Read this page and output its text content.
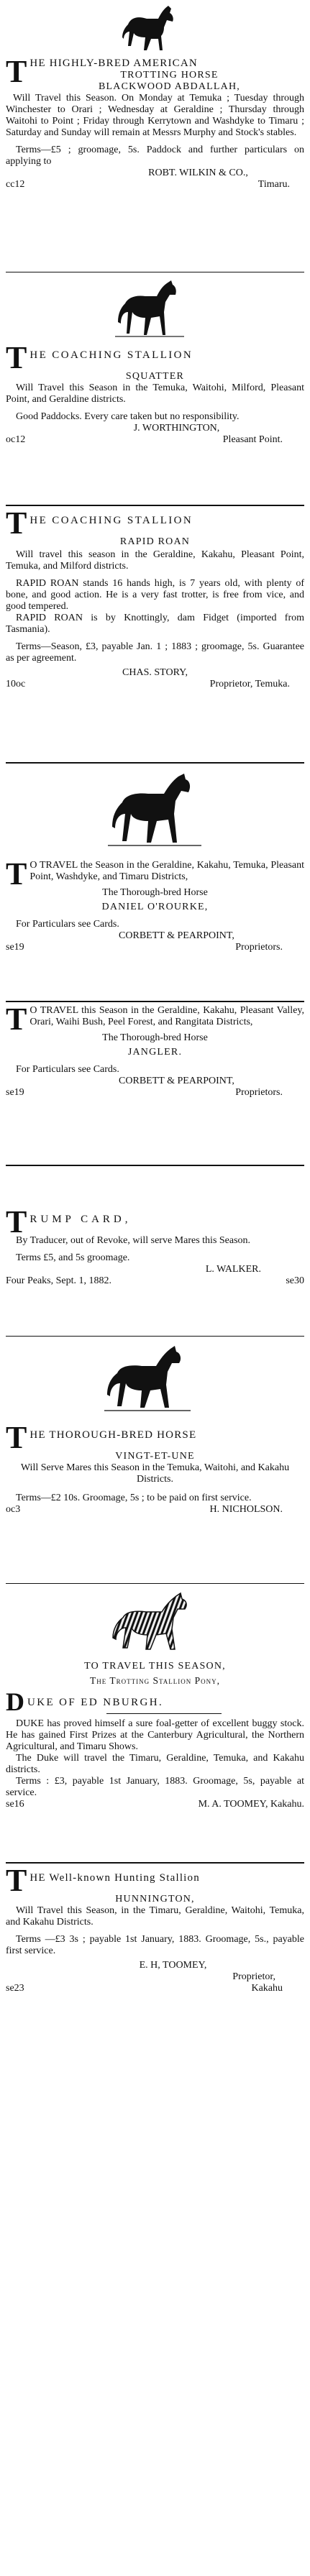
T HE HIGHLY-BRED AMERICAN

TROTTING HORSE

BLACKWOOD ABDALLAH,

Will Travel this Season. On Monday at Temuka ; Tuesday through Winchester to Orari ; Wednesday at Geraldine ; Thursday through Waitohi to Point ; Friday through Kerrytown and Washdyke to Timaru ; Saturday and Sunday will remain at Messrs Murphy and Stock's stables.

Terms—£5 ; groomage, 5s. Paddock and further particulars on applying to

ROBT. WILKIN & CO.,

cc12	Timaru.
T HE COACHING STALLION

SQUATTER

Will Travel this Season in the Temuka, Waitohi, Milford, Pleasant Point, and Geraldine districts.

Good Paddocks. Every care taken but no responsibility.

J. WORTHINGTON,

oc12	Pleasant Point.
T HE COACHING STALLION

RAPID ROAN

Will travel this season in the Geraldine, Kakahu, Pleasant Point, Temuka, and Milford districts.

RAPID ROAN stands 16 hands high, is 7 years old, with plenty of bone, and good action. He is a very fast trotter, is free from vice, and good tempered.

RAPID ROAN is by Knottingly, dam Fidget (imported from Tasmania).

Terms—Season, £3, payable Jan. 1 ; 1883 ; groomage, 5s. Guarantee as per agreement.

CHAS. STORY,

10oc	Proprietor, Temuka.
T O TRAVEL the Season in the Geraldine, Kakahu, Temuka, Pleasant Point, Washdyke, and Timaru Districts,

The Thorough-bred Horse

DANIEL O'ROURKE,

For Particulars see Cards.

CORBETT & PEARPOINT,

se19	Proprietors.
T O TRAVEL this Season in the Geraldine, Kakahu, Pleasant Valley, Orari, Waihi Bush, Peel Forest, and Rangitata Districts,

The Thorough-bred Horse

JANGLER.

For Particulars see Cards.

CORBETT & PEARPOINT,

se19	Proprietors.
T RUMP CARD,

By Traducer, out of Revoke, will serve Mares this Season.

Terms £5, and 5s groomage.

L. WALKER.

Four Peaks, Sept. 1, 1882.	se30
T HE THOROUGH-BRED HORSE

VINGT-ET-UNE

Will Serve Mares this Season in the Temuka, Waitohi, and Kakahu Districts.

Terms—£2 10s. Groomage, 5s ; to be paid on first service.

oc3	H. NICHOLSON.

TO TRAVEL THIS SEASON,

The Trotting Stallion Pony,

D UKE OF ED NBURGH.

DUKE has proved himself a sure foal-getter of excellent buggy stock. He has gained First Prizes at the Canterbury Agricultural, the Northern Agricultural, and Timaru Shows.

The Duke will travel the Timaru, Geraldine, Temuka, and Kakahu districts.

Terms : £3, payable 1st January, 1883. Groomage, 5s, payable at service.

se16	M. A. TOOMEY, Kakahu.
T HE Well-known Hunting Stallion

HUNNINGTON,

Will Travel this Season, in the Timaru, Geraldine, Waitohi, Temuka, and Kakahu Districts.

Terms —£3 3s ; payable 1st January, 1883. Groomage, 5s., payable first service.

E. H, TOOMEY,

Proprietor,

se23	Kakahu
